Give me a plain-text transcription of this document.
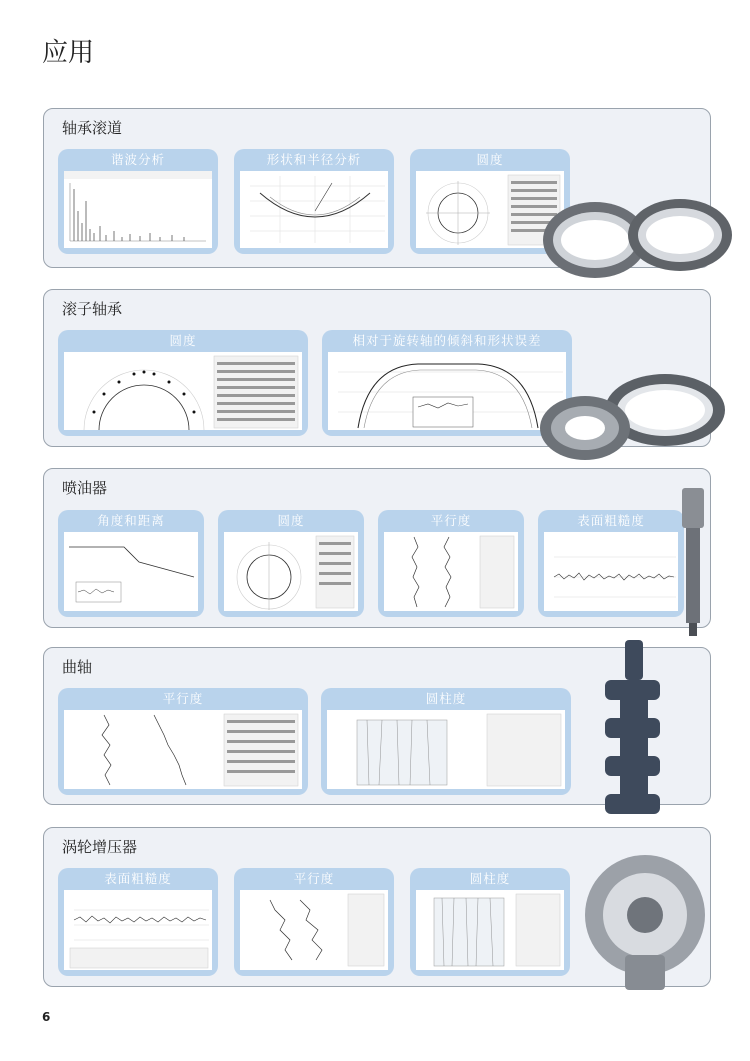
应用
轴承滚道
谐波分析	形状和半径分析	圆度
滚子轴承
圆度	相对于旋转轴的倾斜和形状误差
喷油器
角度和距离	圆度	平行度	表面粗糙度
曲轴
平行度	圆柱度
涡轮增压器
表面粗糙度	平行度	圆柱度
6
